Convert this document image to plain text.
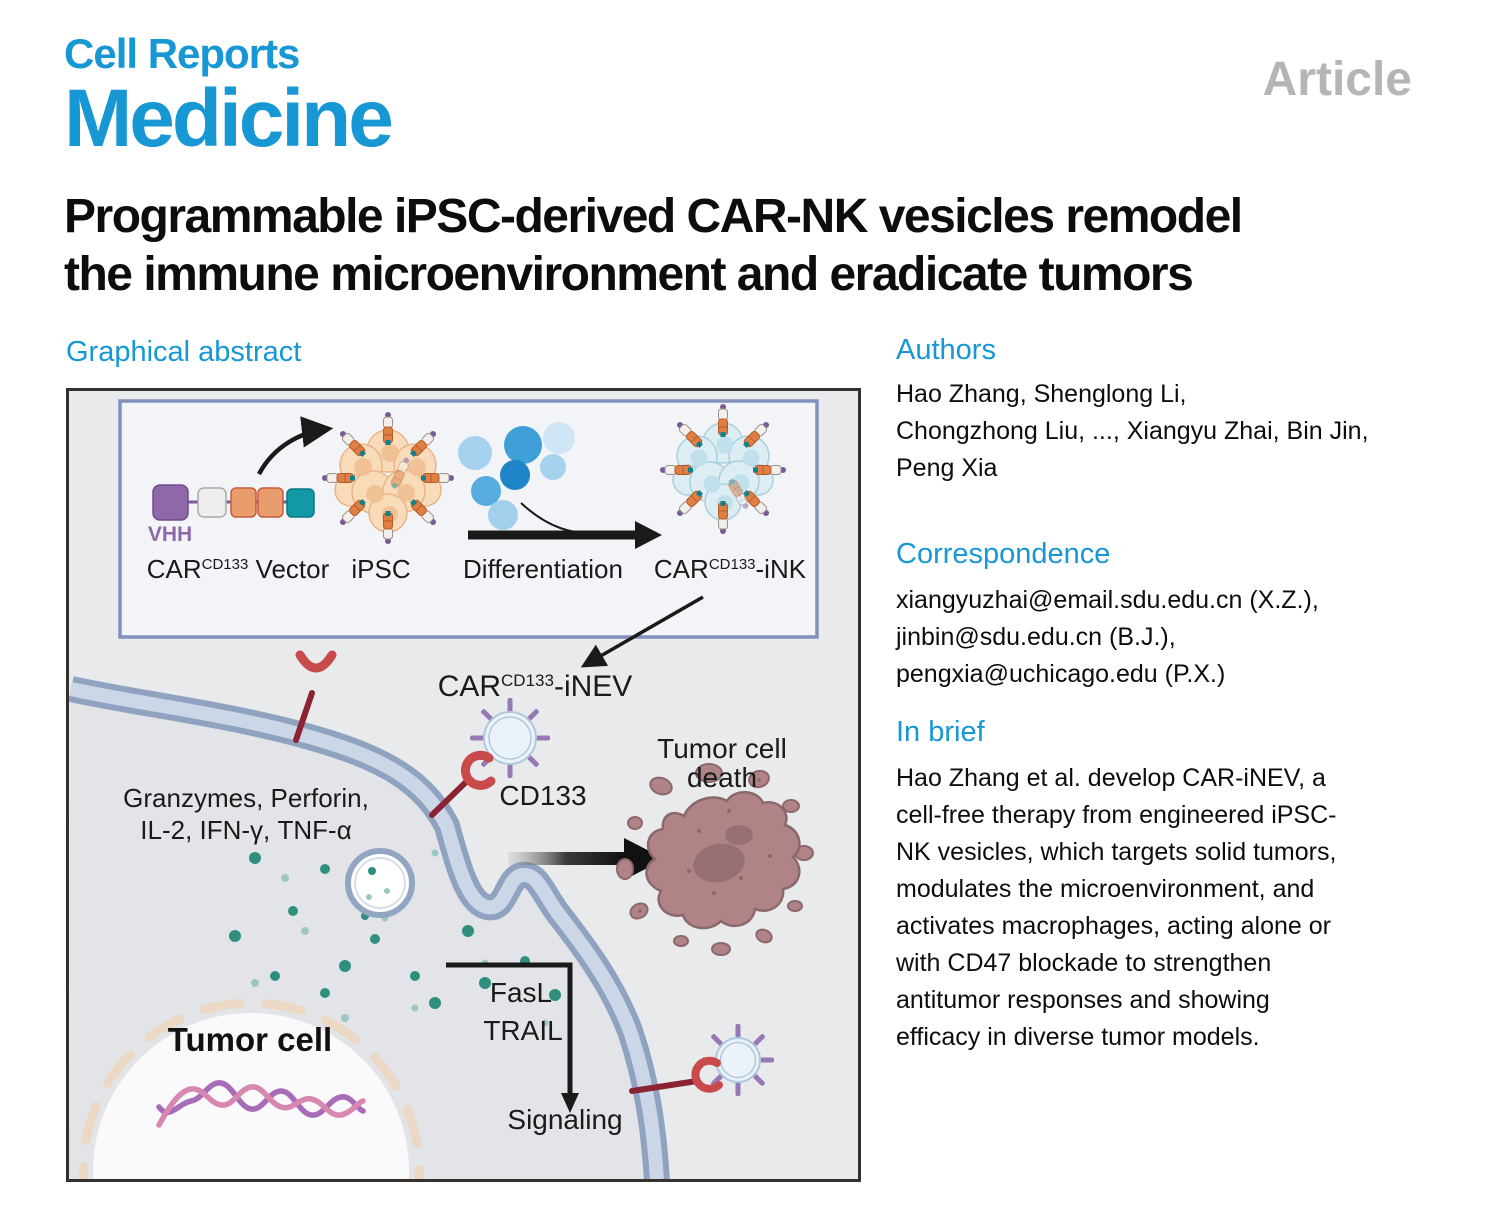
Cell Reports
Medicine	Article
Programmable iPSC-derived CAR-NK vesicles remodel
the immune microenvironment and eradicate tumors
Graphical abstract	Authors
Correspondence
In brief
Hao Zhang, Shenglong Li,
Chongzhong Liu, ..., Xiangyu Zhai, Bin Jin,
Peng Xia
xiangyuzhai@email.sdu.edu.cn (X.Z.),
jinbin@sdu.edu.cn (B.J.),
pengxia@uchicago.edu (P.X.)
Hao Zhang et al. develop CAR-iNEV, a
cell-free therapy from engineered iPSC-
NK vesicles, which targets solid tumors,
modulates the microenvironment, and
activates macrophages, acting alone or
with CD47 blockade to strengthen
antitumor responses and showing
efficacy in diverse tumor models.
Tumor cell
Granzymes, Perforin,
IL-2, IFN-γ, TNF-α
Tumor cell
death
FasL
TRAIL
Signaling
VHH
$CAR^{CD133}$ Vector iPSC Differentiation $CAR^{CD133}$-iNK
$CAR^{CD133}$-iNEV
CD133
